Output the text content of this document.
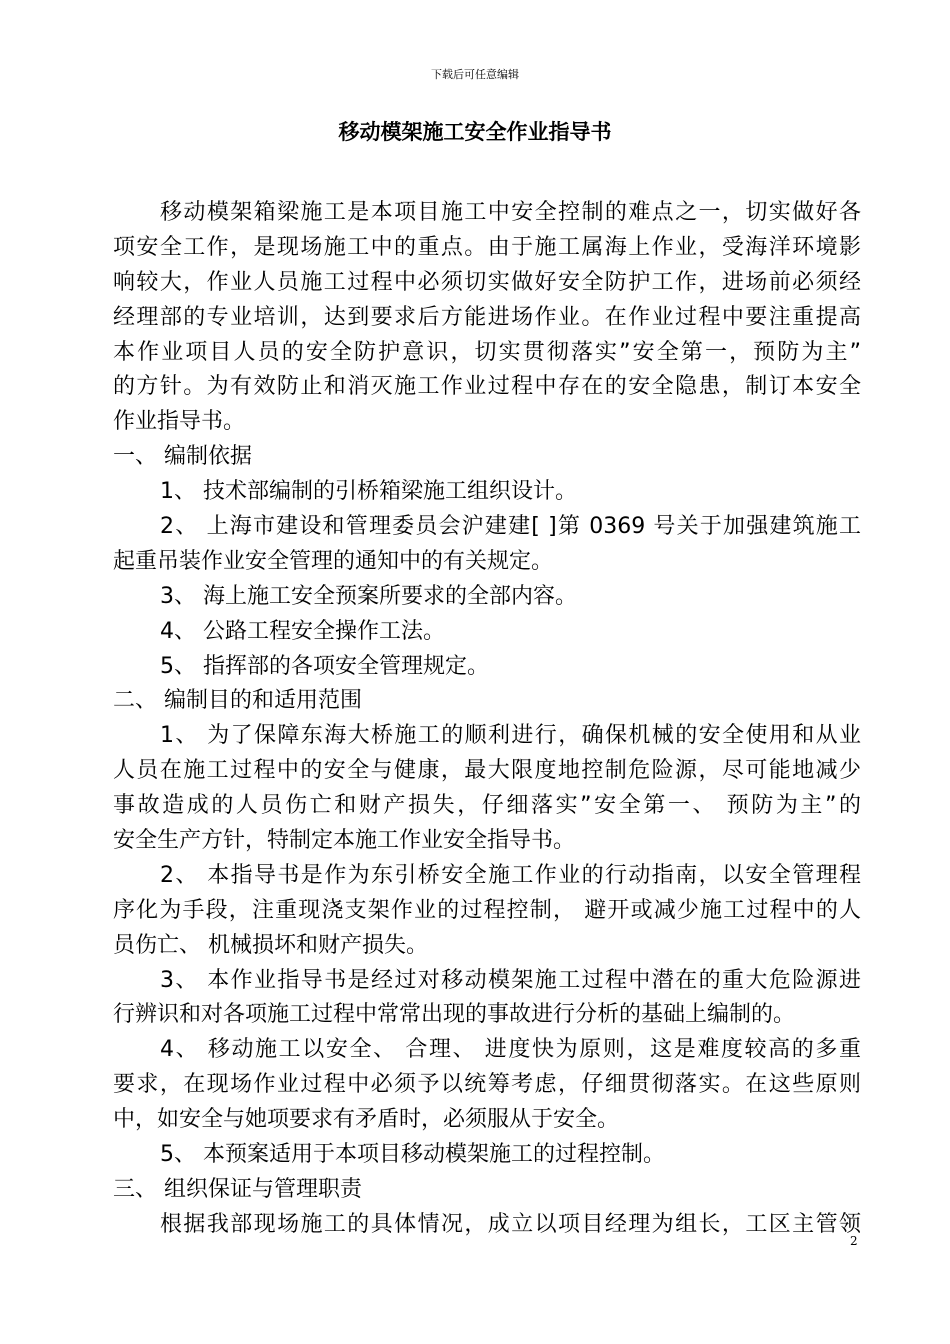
下载后可任意编辑
移动模架施工安全作业指导书
移动模架箱梁施工是本项目施工中安全控制的难点之一，切实做好各
项安全工作，是现场施工中的重点。由于施工属海上作业，受海洋环境影
响较大，作业人员施工过程中必须切实做好安全防护工作，进场前必须经
经理部的专业培训，达到要求后方能进场作业。在作业过程中要注重提高
本作业项目人员的安全防护意识，切实贯彻落实”安全第一，预防为主”
的方针。为有效防止和消灭施工作业过程中存在的安全隐患，制订本安全
作业指导书。
一、 编制依据
1、 技术部编制的引桥箱梁施工组织设计。
2、 上海市建设和管理委员会沪建建[ ]第 0369 号关于加强建筑施工
起重吊装作业安全管理的通知中的有关规定。
3、 海上施工安全预案所要求的全部内容。
4、 公路工程安全操作工法。
5、 指挥部的各项安全管理规定。
二、 编制目的和适用范围
1、 为了保障东海大桥施工的顺利进行，确保机械的安全使用和从业
人员在施工过程中的安全与健康，最大限度地控制危险源，尽可能地减少
事故造成的人员伤亡和财产损失，仔细落实”安全第一、 预防为主”的
安全生产方针，特制定本施工作业安全指导书。
2、 本指导书是作为东引桥安全施工作业的行动指南，以安全管理程
序化为手段，注重现浇支架作业的过程控制， 避开或减少施工过程中的人
员伤亡、 机械损坏和财产损失。
3、 本作业指导书是经过对移动模架施工过程中潜在的重大危险源进
行辨识和对各项施工过程中常常出现的事故进行分析的基础上编制的。
4、 移动施工以安全、 合理、 进度快为原则，这是难度较高的多重
要求，在现场作业过程中必须予以统筹考虑，仔细贯彻落实。在这些原则
中，如安全与她项要求有矛盾时，必须服从于安全。
5、 本预案适用于本项目移动模架施工的过程控制。
三、 组织保证与管理职责
根据我部现场施工的具体情况，成立以项目经理为组长，工区主管领
2
